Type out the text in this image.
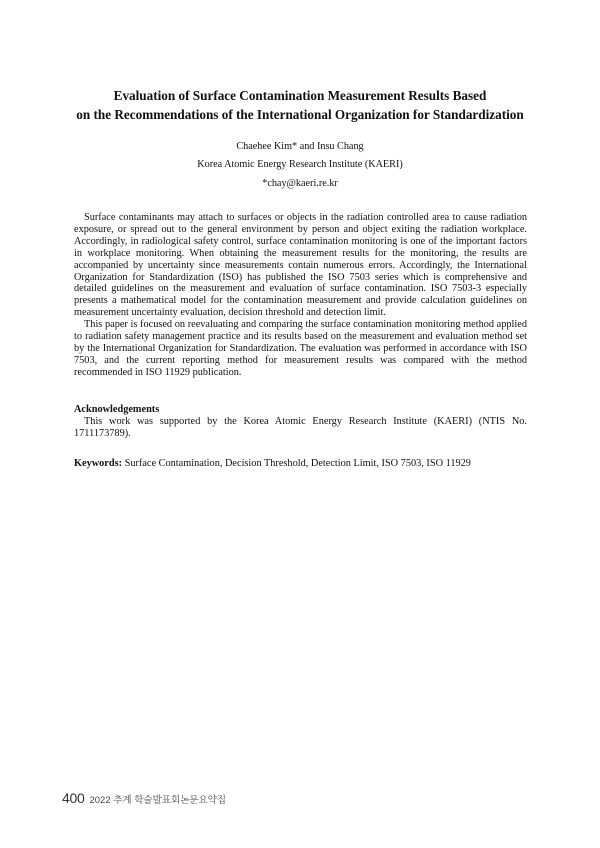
Evaluation of Surface Contamination Measurement Results Based
on the Recommendations of the International Organization for Standardization
Chaehee Kim* and Insu Chang
Korea Atomic Energy Research Institute (KAERI)
*chay@kaeri.re.kr

Surface contaminants may attach to surfaces or objects in the radiation controlled area to cause radiation exposure, or spread out to the general environment by person and object exiting the radiation workplace. Accordingly, in radiological safety control, surface contamination monitoring is one of the important factors in workplace monitoring. When obtaining the measurement results for the monitoring, the results are accompanied by uncertainty since measurements contain numerous errors. Accordingly, the International Organization for Standardization (ISO) has published the ISO 7503 series which is comprehensive and detailed guidelines on the measurement and evaluation of surface contamination. ISO 7503-3 especially presents a mathematical model for the contamination measurement and provide calculation guidelines on measurement uncertainty evaluation, decision threshold and detection limit.

This paper is focused on reevaluating and comparing the surface contamination monitoring method applied to radiation safety management practice and its results based on the measurement and evaluation method set by the International Organization for Standardization. The evaluation was performed in accordance with ISO 7503, and the current reporting method for measurement results was compared with the method recommended in ISO 11929 publication.

Acknowledgements

This work was supported by the Korea Atomic Energy Research Institute (KAERI) (NTIS No. 1711173789).

Keywords: Surface Contamination, Decision Threshold, Detection Limit, ISO 7503, ISO 11929
400 2022 추계 학술발표회논문요약집
